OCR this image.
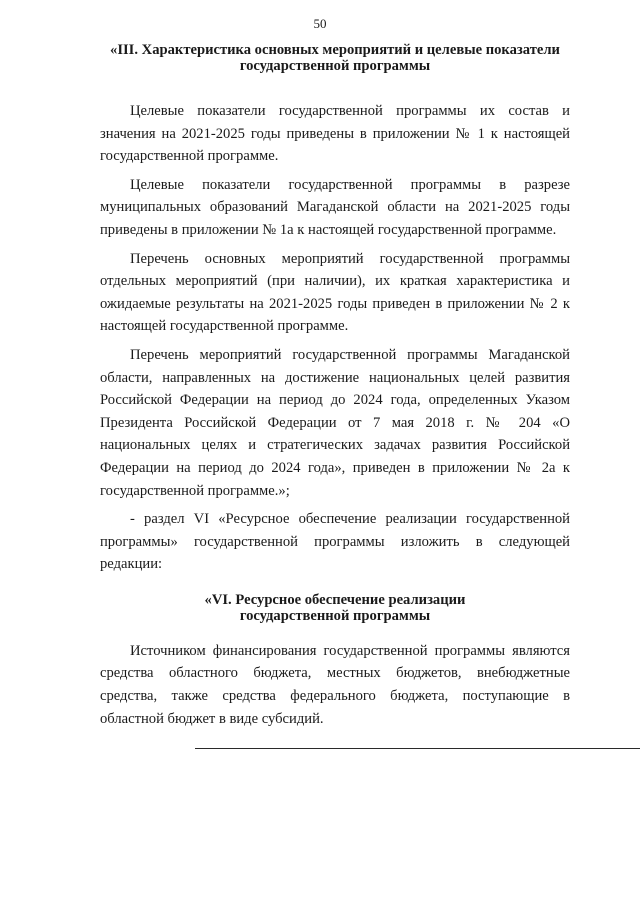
50
«III. Характеристика основных мероприятий и целевые показатели
государственной программы

Целевые показатели государственной программы их состав и значения на 2021-2025 годы приведены в приложении № 1 к настоящей государственной программе.

Целевые показатели государственной программы в разрезе муниципальных образований Магаданской области на 2021-2025 годы приведены в приложении № 1а к настоящей государственной программе.

Перечень основных мероприятий государственной программы отдельных мероприятий (при наличии), их краткая характеристика и ожидаемые результаты на 2021-2025 годы приведен в приложении № 2 к настоящей государственной программе.

Перечень мероприятий государственной программы Магаданской области, направленных на достижение национальных целей развития Российской Федерации на период до 2024 года, определенных Указом Президента Российской Федерации от 7 мая 2018 г. № 204 «О национальных целях и стратегических задачах развития Российской Федерации на период до 2024 года», приведен в приложении № 2а к государственной программе.»;

- раздел VI «Ресурсное обеспечение реализации государственной программы» государственной программы изложить в следующей редакции:

«VI. Ресурсное обеспечение реализации
государственной программы

Источником финансирования государственной программы являются средства областного бюджета, местных бюджетов, внебюджетные средства, также средства федерального бюджета, поступающие в областной бюджет в виде субсидий.
